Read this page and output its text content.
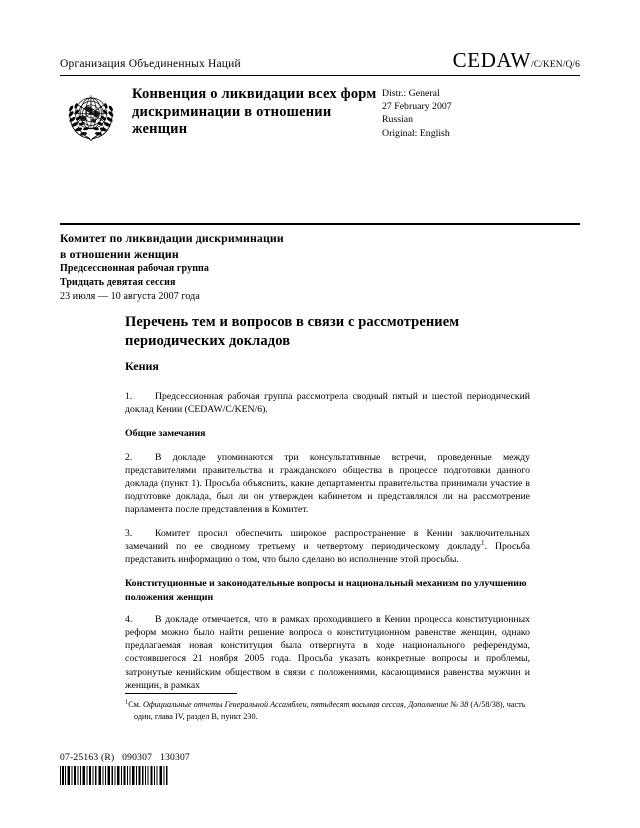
Организация Объединенных Наций	CEDAW /C/KEN/Q/6
Конвенция о ликвидации всех форм дискриминации в отношении женщин
Distr.: General
27 February 2007
Russian
Original: English
Комитет по ликвидации дискриминации
в отношении женщин
Предсессионная рабочая группа
Тридцать девятая сессия
23 июля — 10 августа 2007 года
Перечень тем и вопросов в связи с рассмотрением периодических докладов
Кения

1. Предсессионная рабочая группа рассмотрела сводный пятый и шестой периодический доклад Кении (CEDAW/C/KEN/6).

Общие замечания

2. В докладе упоминаются три консультативные встречи, проведенные между представителями правительства и гражданского общества в процессе подготовки данного доклада (пункт 1). Просьба объяснить, какие департаменты правительства принимали участие в подготовке доклада, был ли он утвержден кабинетом и представлялся ли на рассмотрение парламента после представления в Комитет.

3. Комитет просил обеспечить широкое распространение в Кении заключительных замечаний по ее сводному третьему и четвертому периодическому докладу$^1$. Просьба представить информацию о том, что было сделано во исполнение этой просьбы.

Конституционные и законодательные вопросы и национальный механизм по улучшению положения женщин

4. В докладе отмечается, что в рамках проходившего в Кении процесса конституционных реформ можно было найти решение вопроса о конституционном равенстве женщин, однако предлагаемая новая конституция была отвергнута в ходе национального референдума, состоявшегося 21 ноября 2005 года. Просьба указать конкретные вопросы и проблемы, затронутые кенийским обществом в связи с положениями, касающимися равенства мужчин и женщин, в рамках

$^1$См. Официальные отчеты Генеральной Ассамблеи, пятьдесят восьмая сессия, Дополнение № 38 (A/58/38), часть один, глава IV, раздел B, пункт 230.
07-25163 (R) 090307 130307
